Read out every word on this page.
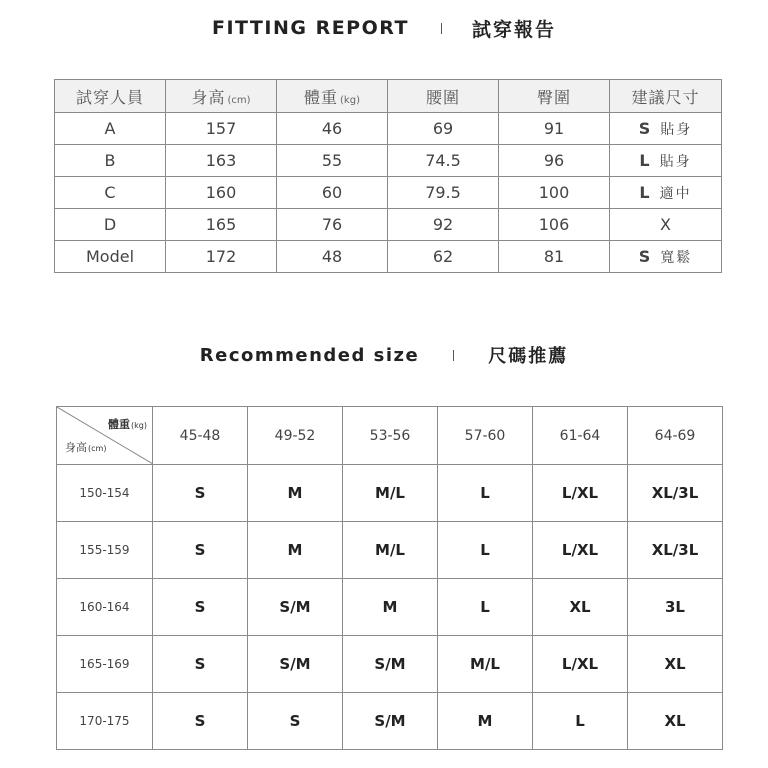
FITTING REPORT	試穿報告
試穿人員	身高 (cm)	體重 (kg)	腰圍	臀圍	建議尺寸
A	157	46	69	91	S 貼身
B	163	55	74.5	96	L 貼身
C	160	60	79.5	100	L 適中
D	165	76	92	106	X
Model	172	48	62	81	S 寬鬆
Recommended size	尺碼推薦
體重(kg)
身高(cm)	45-48	49-52	53-56	57-60	61-64	64-69
150-154	S	M	M/L	L	L/XL	XL/3L
155-159	S	M	M/L	L	L/XL	XL/3L
160-164	S	S/M	M	L	XL	3L
165-169	S	S/M	S/M	M/L	L/XL	XL
170-175	S	S	S/M	M	L	XL
